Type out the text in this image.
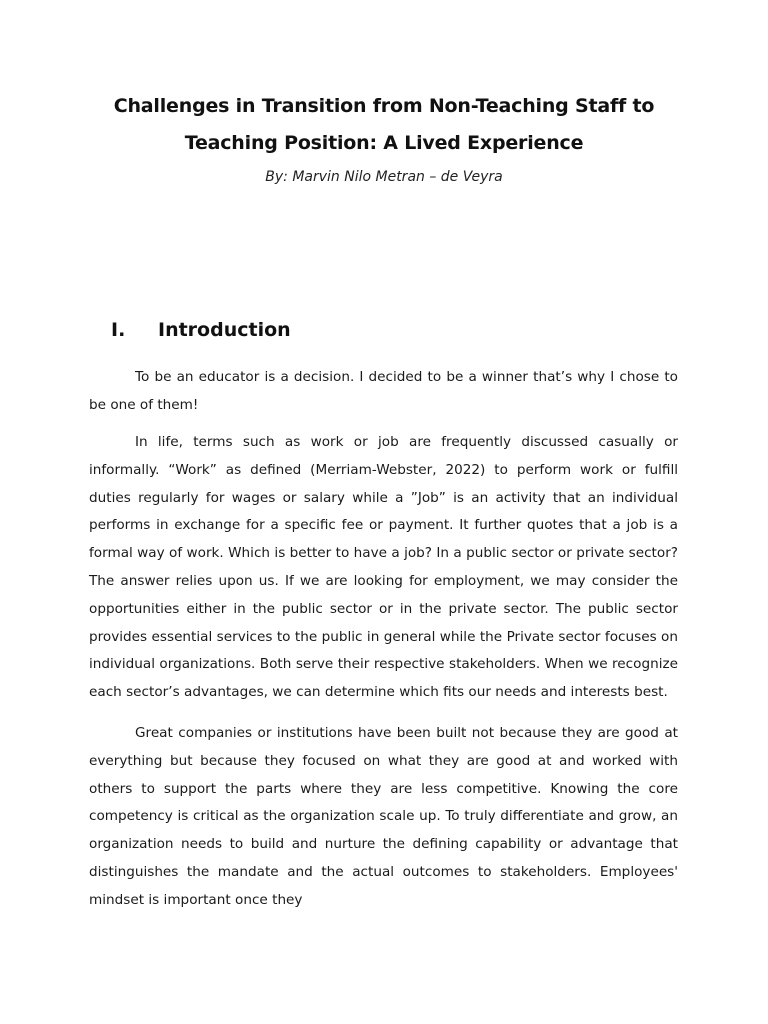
Challenges in Transition from Non-Teaching Staff to
Teaching Position: A Lived Experience
By: Marvin Nilo Metran – de Veyra
I.	Introduction

To be an educator is a decision. I decided to be a winner that’s why I chose to be one of them!

In life, terms such as work or job are frequently discussed casually or informally. “Work” as defined (Merriam-Webster, 2022) to perform work or fulfill duties regularly for wages or salary while a ”Job” is an activity that an individual performs in exchange for a specific fee or payment. It further quotes that a job is a formal way of work. Which is better to have a job? In a public sector or private sector? The answer relies upon us. If we are looking for employment, we may consider the opportunities either in the public sector or in the private sector. The public sector provides essential services to the public in general while the Private sector focuses on individual organizations. Both serve their respective stakeholders. When we recognize each sector’s advantages, we can determine which fits our needs and interests best.

Great companies or institutions have been built not because they are good at everything but because they focused on what they are good at and worked with others to support the parts where they are less competitive. Knowing the core competency is critical as the organization scale up. To truly differentiate and grow, an organization needs to build and nurture the defining capability or advantage that distinguishes the mandate and the actual outcomes to stakeholders. Employees' mindset is important once they
